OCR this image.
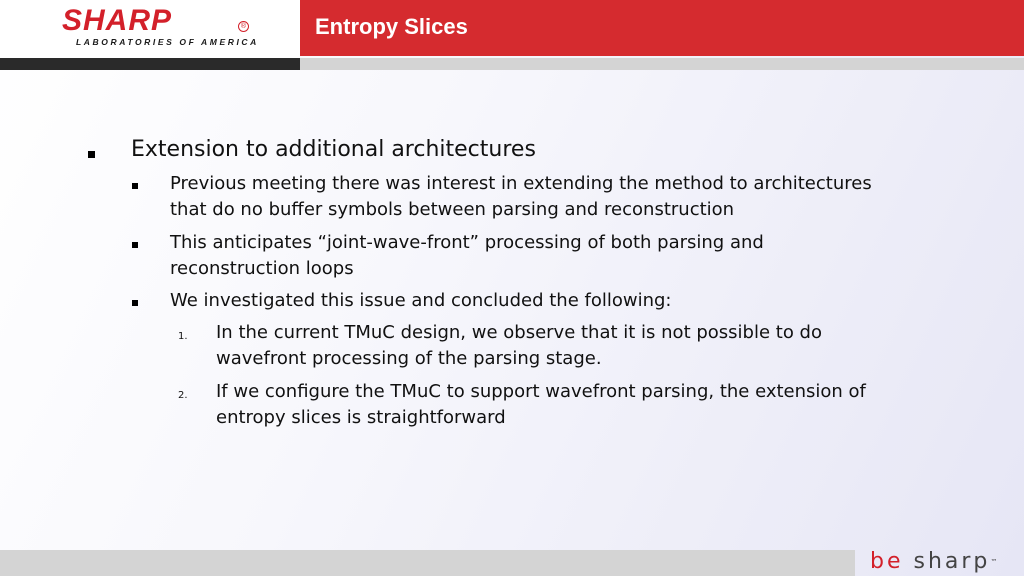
SHARP	®
LABORATORIES OF AMERICA
Entropy Slices
Extension to additional architectures
Previous meeting there was interest in extending the method to architectures
that do no buffer symbols between parsing and reconstruction
This anticipates “joint-wave-front” processing of both parsing and
reconstruction loops
We investigated this issue and concluded the following:
1. In the current TMuC design, we observe that it is not possible to do
wavefront processing of the parsing stage.
2. If we configure the TMuC to support wavefront parsing, the extension of
entropy slices is straightforward
be sharp™
